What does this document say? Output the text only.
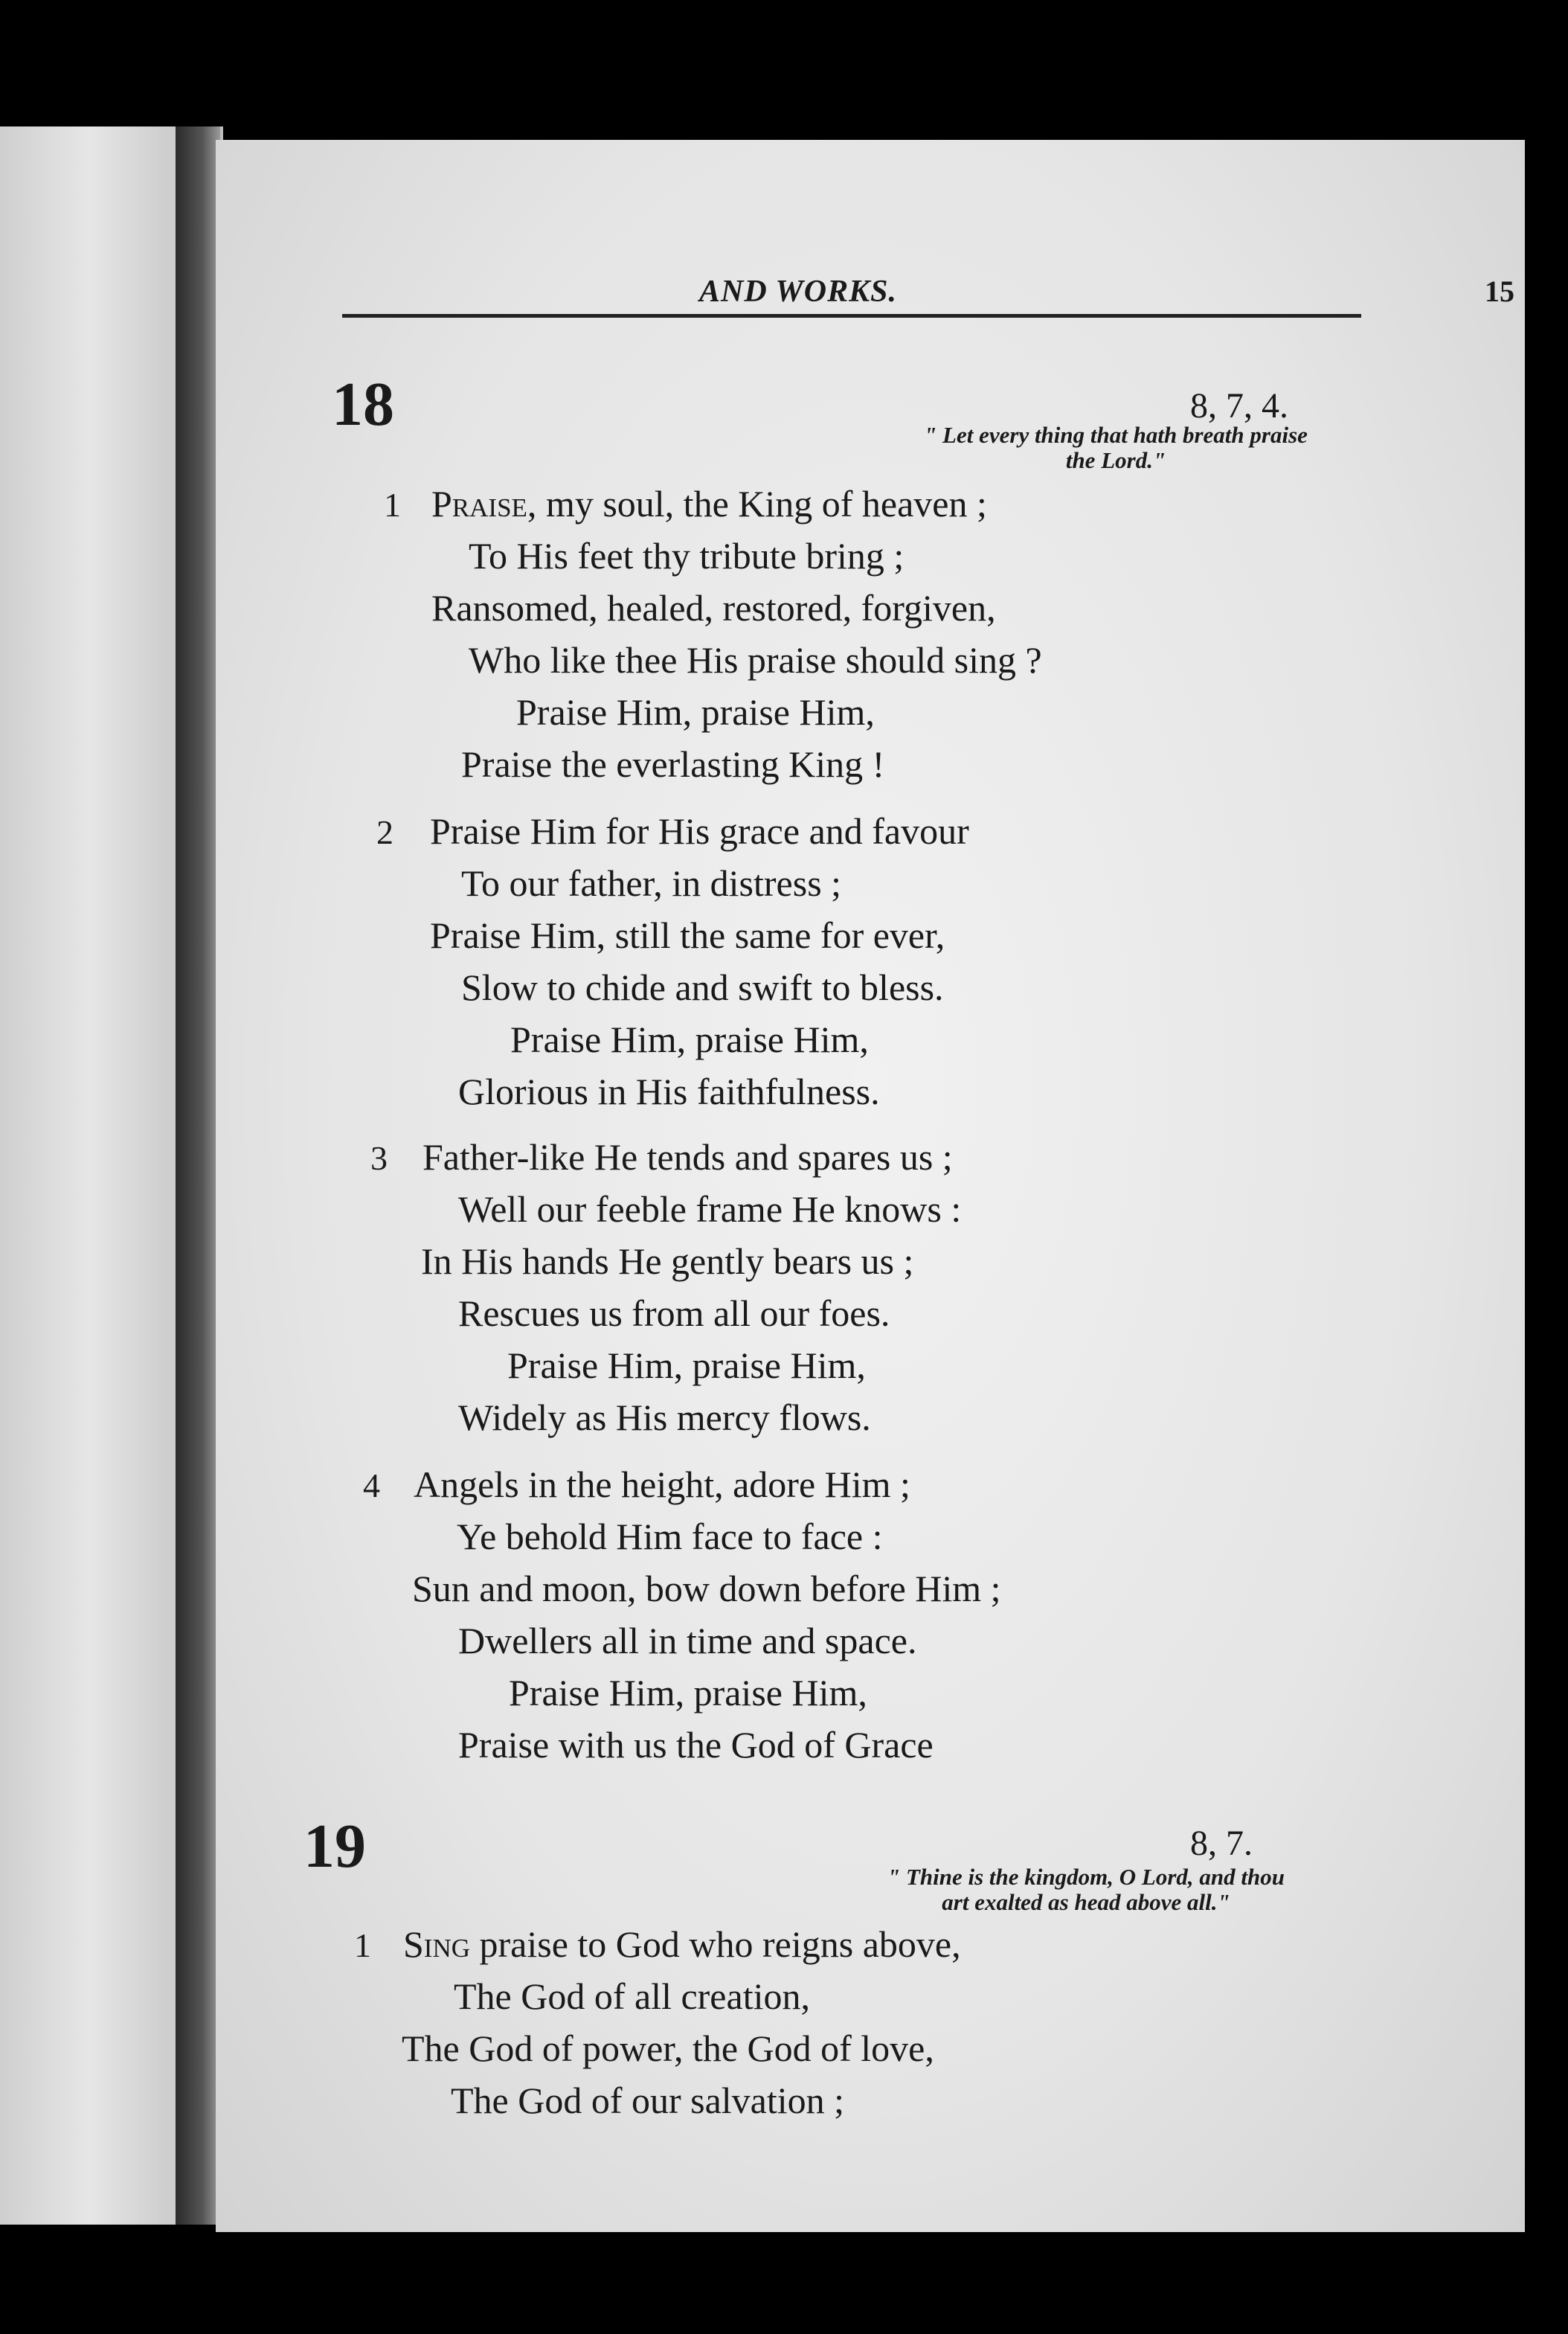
AND WORKS.	15
18	8, 7, 4.
" Let every thing that hath breath praise
the Lord."
1 Praise, my soul, the King of heaven ;
To His feet thy tribute bring ;
Ransomed, healed, restored, forgiven,
Who like thee His praise should sing ?
Praise Him, praise Him,
Praise the everlasting King !
2 Praise Him for His grace and favour
To our father, in distress ;
Praise Him, still the same for ever,
Slow to chide and swift to bless.
Praise Him, praise Him,
Glorious in His faithfulness.
3 Father-like He tends and spares us ;
Well our feeble frame He knows :
In His hands He gently bears us ;
Rescues us from all our foes.
Praise Him, praise Him,
Widely as His mercy flows.
4 Angels in the height, adore Him ;
Ye behold Him face to face :
Sun and moon, bow down before Him ;
Dwellers all in time and space.
Praise Him, praise Him,
Praise with us the God of Grace
19	8, 7.
" Thine is the kingdom, O Lord, and thou
art exalted as head above all."
1 Sing praise to God who reigns above,
The God of all creation,
The God of power, the God of love,
The God of our salvation ;
